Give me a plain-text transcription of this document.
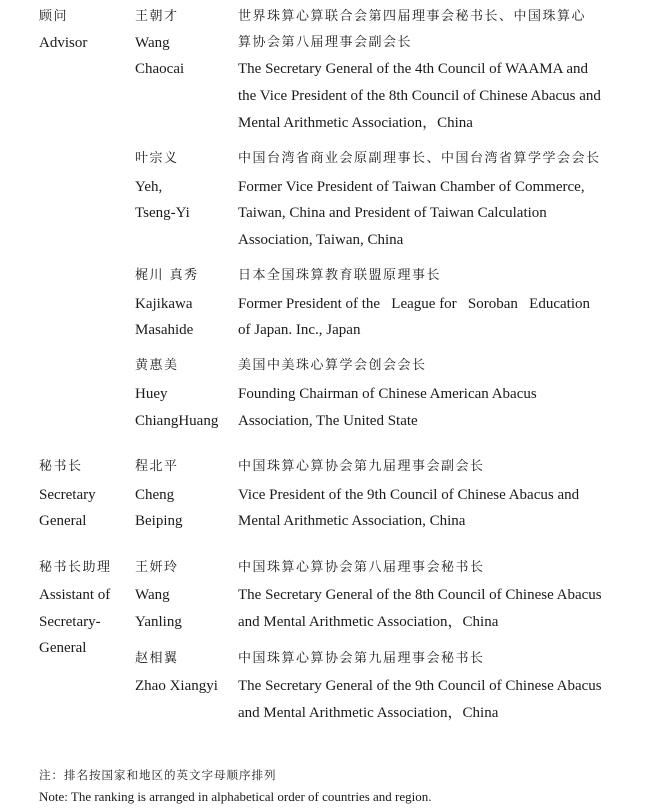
顾问
Advisor
王朝才
Wang
Chaocai
世界珠算心算联合会第四届理事会秘书长、中国珠算心
算协会第八届理事会副会长
The Secretary General of the 4th Council of WAAMA and
the Vice President of the 8th Council of Chinese Abacus and
Mental Arithmetic Association，China
叶宗义
Yeh,
Tseng-Yi
中国台湾省商业会原副理事长、中国台湾省算学学会会长
Former Vice President of Taiwan Chamber of Commerce,
Taiwan, China and President of Taiwan Calculation
Association, Taiwan, China
梶川 真秀
Kajikawa
Masahide
日本全国珠算教育联盟原理事长
Former President of the   League for   Soroban   Education
of Japan. Inc., Japan
黄惠美
Huey
ChiangHuang
美国中美珠心算学会创会会长
Founding Chairman of Chinese American Abacus
Association, The United State
秘书长
Secretary
General
程北平
Cheng
Beiping
中国珠算心算协会第九届理事会副会长
Vice President of the 9th Council of Chinese Abacus and
Mental Arithmetic Association, China
秘书长助理
Assistant of
Secretary-
General
王妍玲
Wang
Yanling
中国珠算心算协会第八届理事会秘书长
The Secretary General of the 8th Council of Chinese Abacus
and Mental Arithmetic Association，China
赵相翼
Zhao Xiangyi
中国珠算心算协会第九届理事会秘书长
The Secretary General of the 9th Council of Chinese Abacus
and Mental Arithmetic Association，China
注：排名按国家和地区的英文字母顺序排列
Note: The ranking is arranged in alphabetical order of countries and region.
